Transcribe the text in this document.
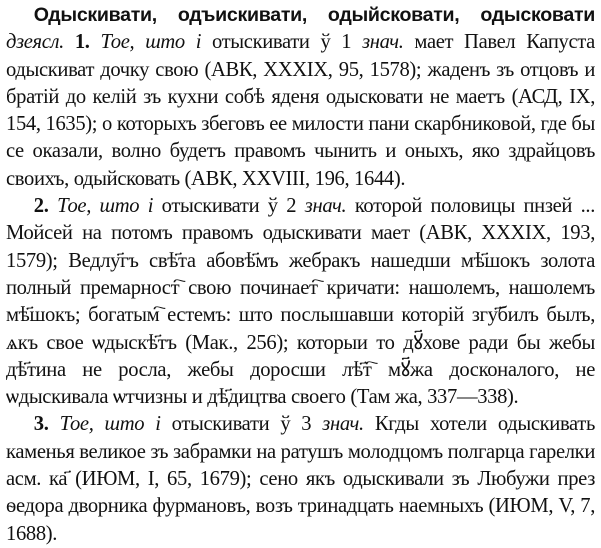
Одыскивати, одъискивати, одыйсковати, одысковати дзеясл. 1. Тое, што і отыскивати ў 1 знач. мает Павел Капуста одыскиват дочку свою (АВК, XXXIX, 95, 1578); жаденъ зъ отцовъ и братій до келій зъ кухни собѣ яденя одысковати не маетъ (АСД, IX, 154, 1635); о которыхъ збеговъ ее милости пани скарбниковой, где бы се оказали, волно будетъ правомъ чынить и оныхъ, яко здрайцовъ своихъ, одыйсковать (АВК, XXVIII, 196, 1644).

2. Тое, што і отыскивати ў 2 знач. которой половицы пнзей ... Мойсей на потомъ правомъ одыскивати мает (АВК, XXXIX, 193, 1579); Ведлу҃гъ свѣ҃та абовѣ҃мъ жебракъ нашедши мѣ҃шокъ золота полный премарност҇ свою починает҇ кричати: нашолемъ, нашолемъ мѣ҃шокъ; богатым҇ естемъ: што послышавши которій згу҃билъ былъ, ѧкъ свое ѡдыскѣ҃тъ (Мак., 256); которыи то дꙋ҃хове ради бы жебы дѣ҃тина не росла, жебы доросши лѣ҃т҇ мꙋ҃жа досконалого, не ѡдыскивала ѡтчизны и дѣ҃дицтва своего (Там жа, 337—338).

3. Тое, што і отыскивати ў 3 знач. Кгды хотели одыскивать каменья великое зъ забрамки на ратушъ молодцомъ полгарца гарелки асм. ка҃ (ИЮМ, I, 65, 1679); сено якъ одыскивали зъ Любужи през ѳедора дворника фурмановъ, возъ тринадцать наемныхъ (ИЮМ, V, 7, 1688).
